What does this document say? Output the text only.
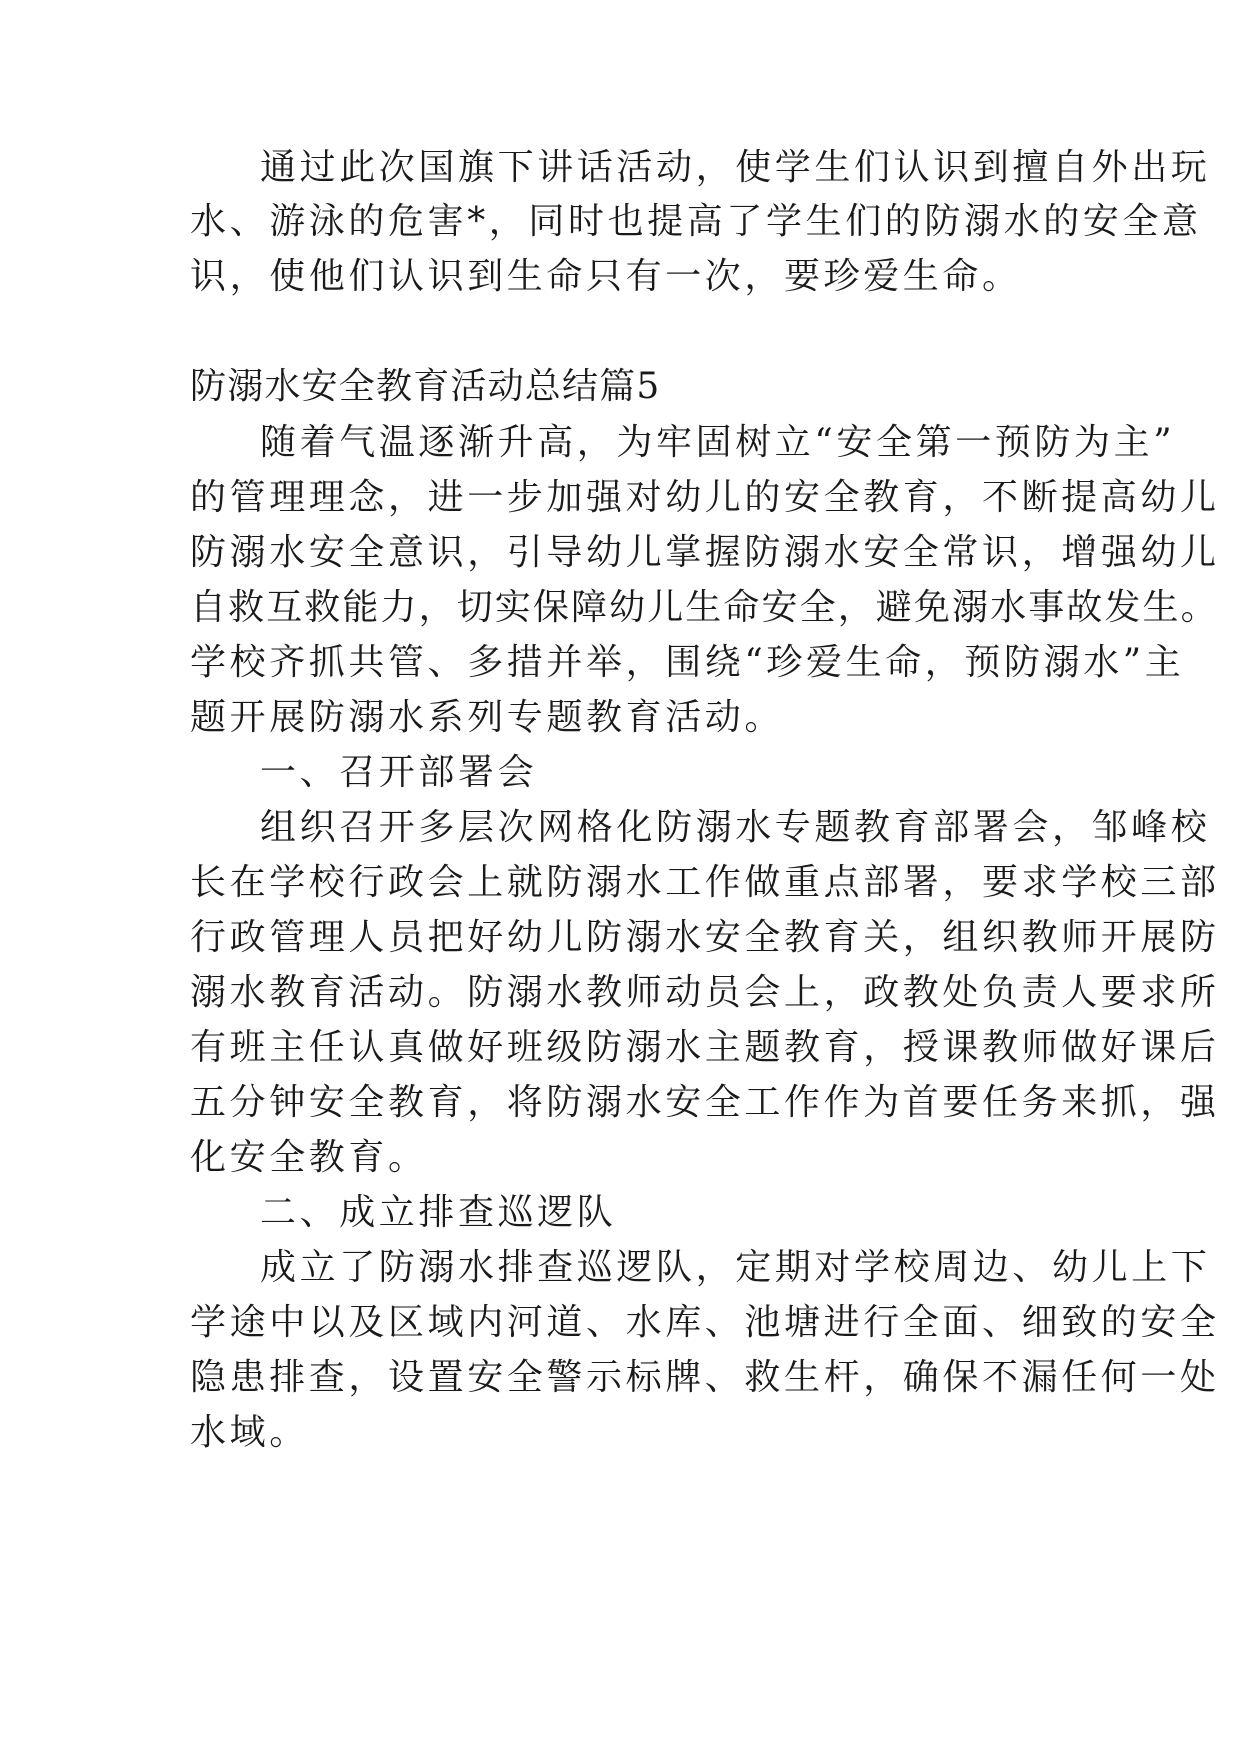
通过此次国旗下讲话活动，使学生们认识到擅自外出玩
水、游泳的危害*，同时也提高了学生们的防溺水的安全意
识，使他们认识到生命只有一次，要珍爱生命。
防溺水安全教育活动总结篇5
随着气温逐渐升高，为牢固树立“安全第一预防为主”
的管理理念，进一步加强对幼儿的安全教育，不断提高幼儿
防溺水安全意识，引导幼儿掌握防溺水安全常识，增强幼儿
自救互救能力，切实保障幼儿生命安全，避免溺水事故发生。
学校齐抓共管、多措并举，围绕“珍爱生命，预防溺水”主
题开展防溺水系列专题教育活动。
一、召开部署会
组织召开多层次网格化防溺水专题教育部署会，邹峰校
长在学校行政会上就防溺水工作做重点部署，要求学校三部
行政管理人员把好幼儿防溺水安全教育关，组织教师开展防
溺水教育活动。防溺水教师动员会上，政教处负责人要求所
有班主任认真做好班级防溺水主题教育，授课教师做好课后
五分钟安全教育，将防溺水安全工作作为首要任务来抓，强
化安全教育。
二、成立排查巡逻队
成立了防溺水排查巡逻队，定期对学校周边、幼儿上下
学途中以及区域内河道、水库、池塘进行全面、细致的安全
隐患排查，设置安全警示标牌、救生杆，确保不漏任何一处
水域。
